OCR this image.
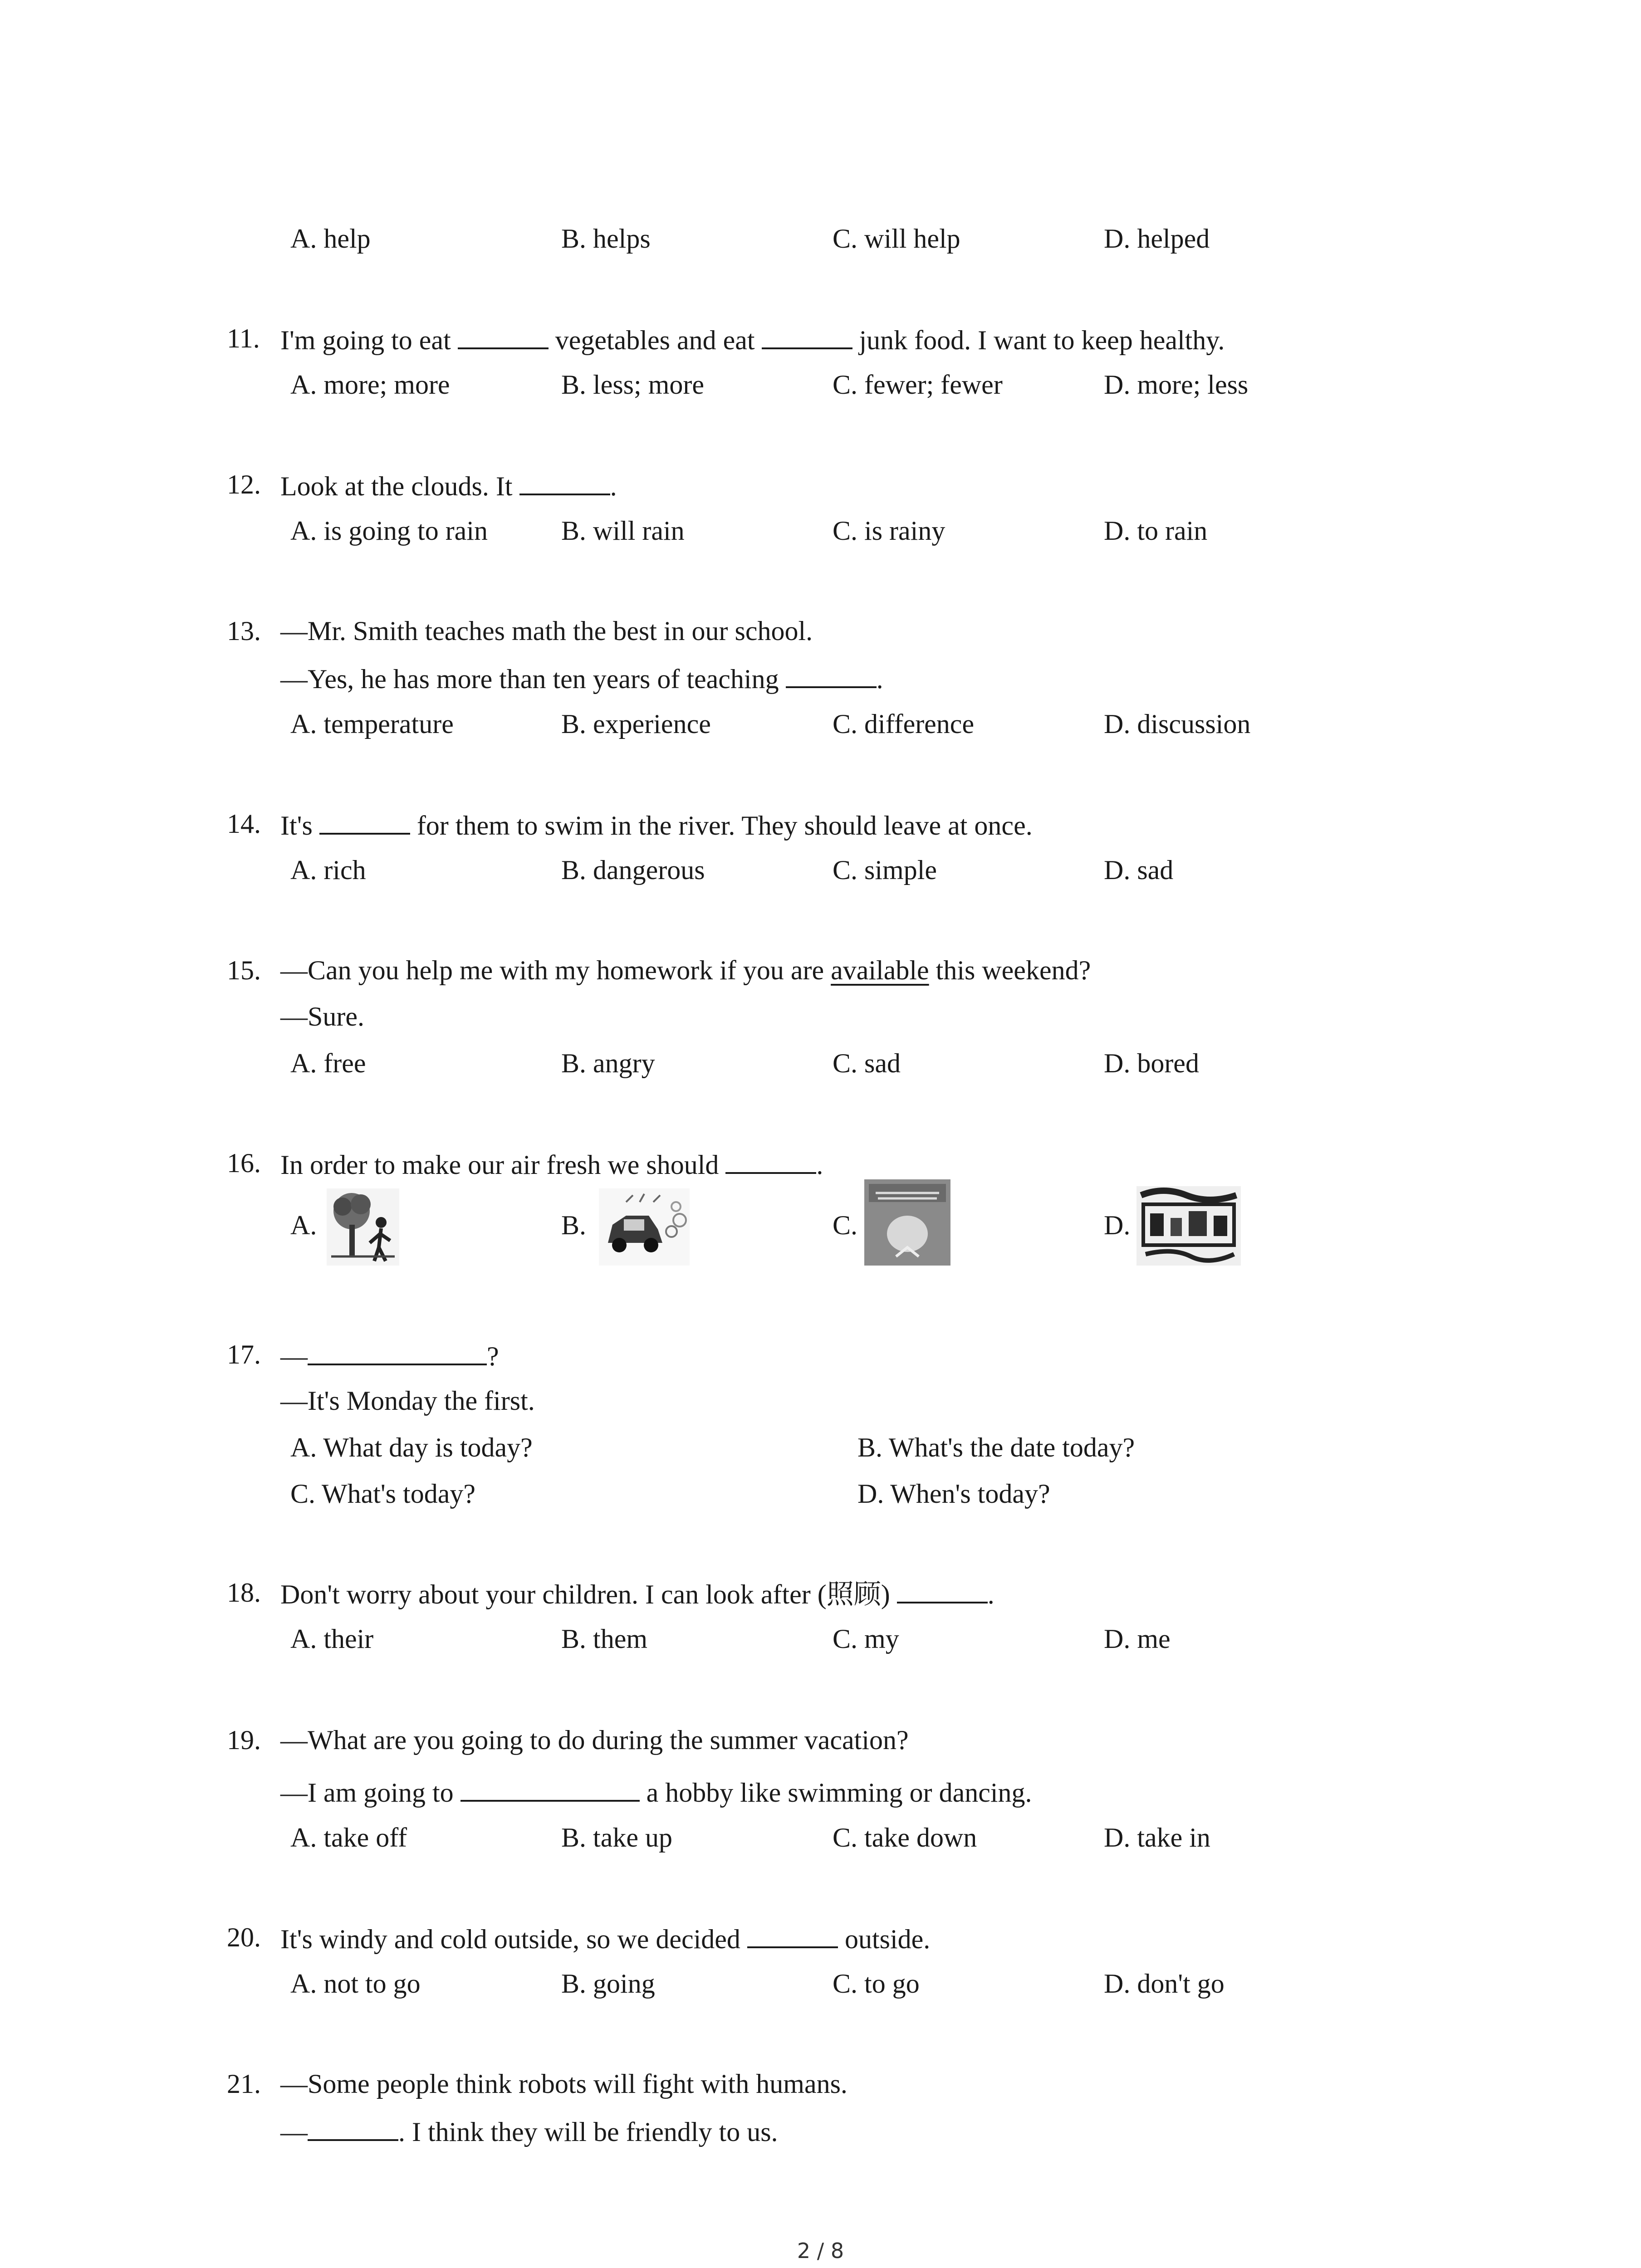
A. help	B. helps	C. will help	D. helped
11. I'm going to eat	vegetables and eat	junk food. I want to keep healthy.
A. more; more	B. less; more	C. fewer; fewer	D. more; less
12. Look at the clouds. It	.
A. is going to rain	B. will rain	C. is rainy	D. to rain
13. —Mr. Smith teaches math the best in our school.
—Yes, he has more than ten years of teaching	.
A. temperature	B. experience	C. difference	D. discussion
14. It's	for them to swim in the river. They should leave at once.
A. rich	B. dangerous	C. simple	D. sad
15. —Can you help me with my homework if you are available this weekend?
—Sure.
A. free	B. angry	C. sad	D. bored
16. In order to make our air fresh we should	.
A.	B.	C.	D.
17. —	?
—It's Monday the first.
A. What day is today?	B. What's the date today?
C. What's today?	D. When's today?
18. Don't worry about your children. I can look after (照顾)	.
A. their	B. them	C. my	D. me
19. —What are you going to do during the summer vacation?
—I am going to	a hobby like swimming or dancing.
A. take off	B. take up	C. take down	D. take in
20. It's windy and cold outside, so we decided	outside.
A. not to go	B. going	C. to go	D. don't go
21. —Some people think robots will fight with humans.
—	. I think they will be friendly to us.
2 / 8
